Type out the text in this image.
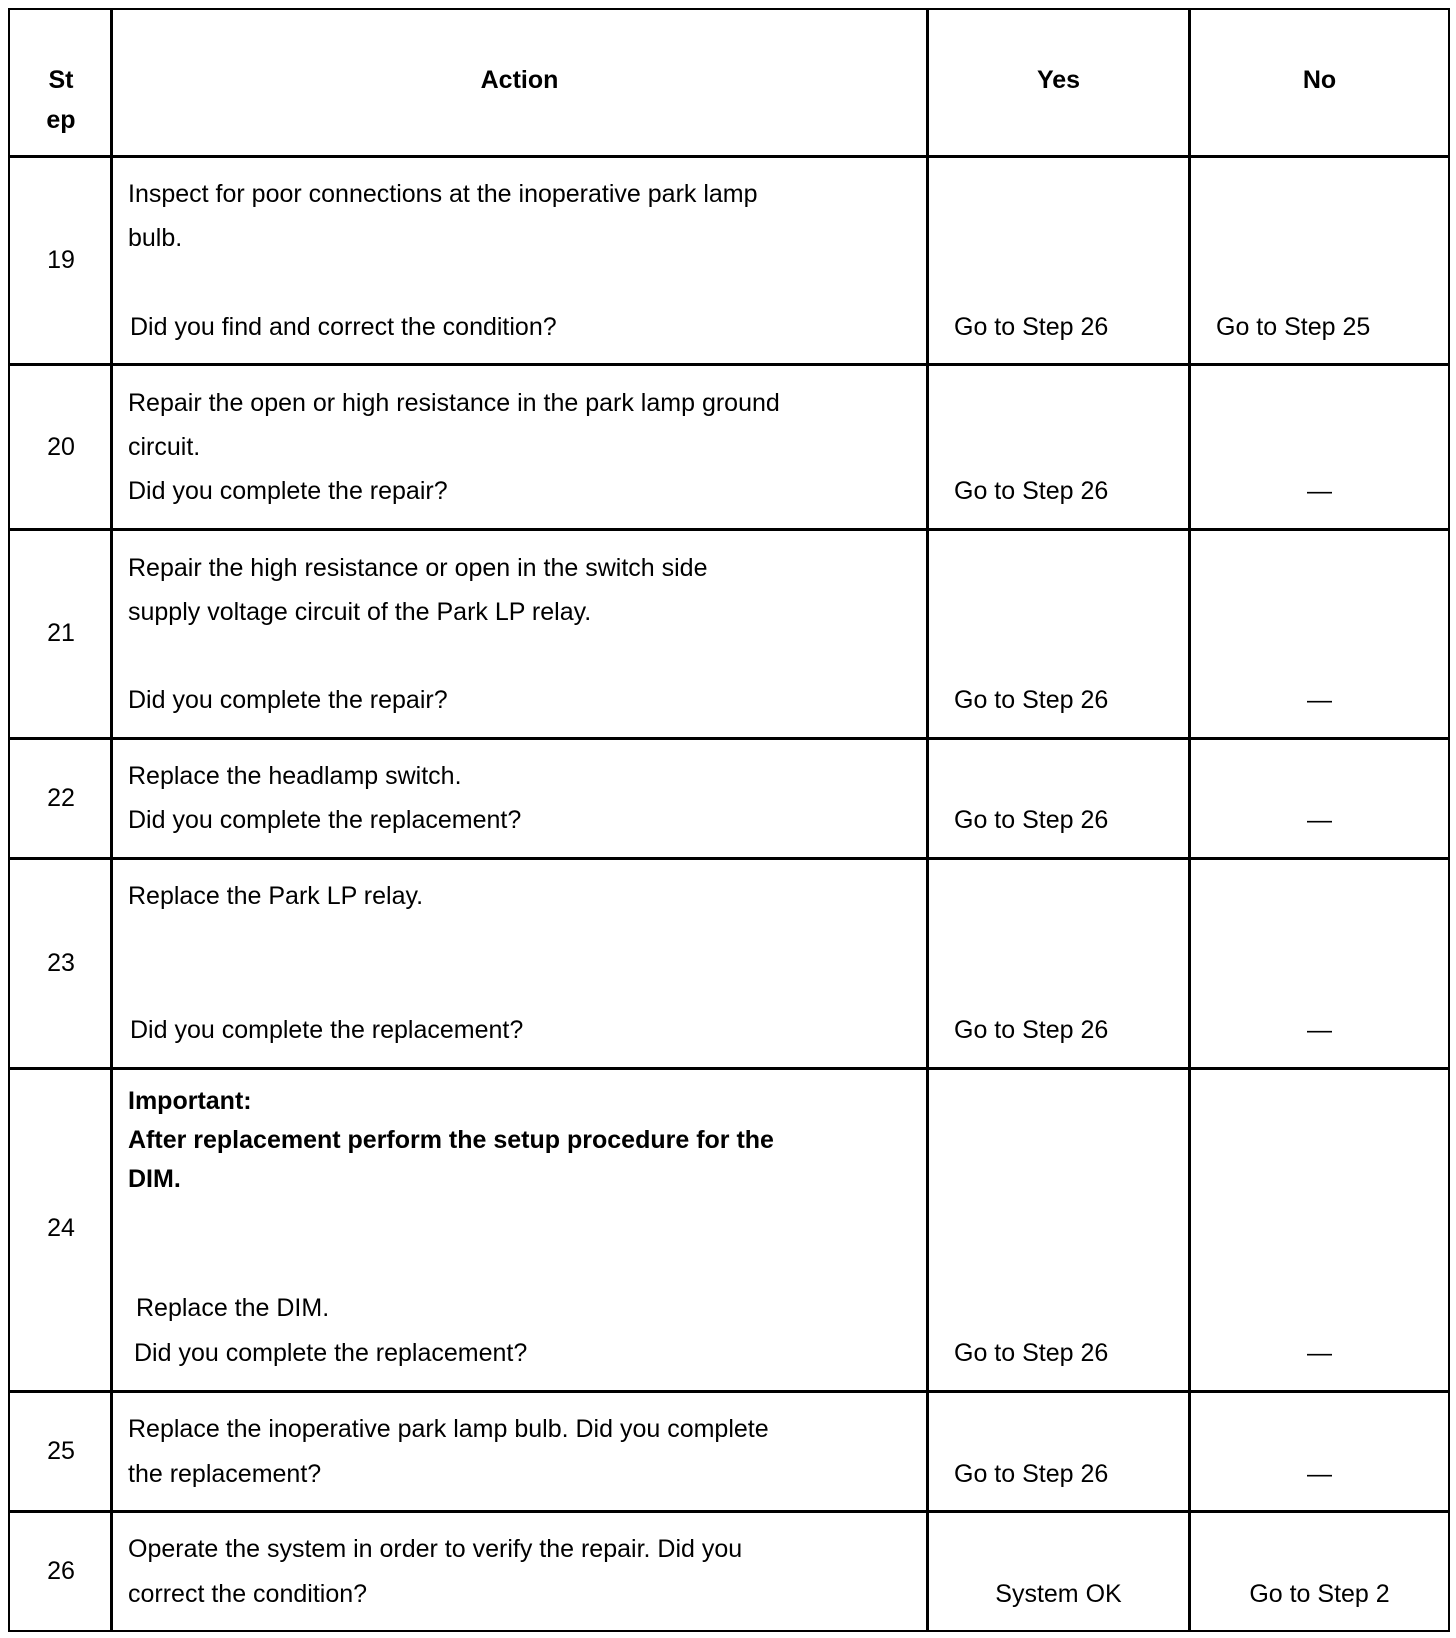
St
ep
Action	Yes	No
19
Inspect for poor connections at the inoperative park lamp
bulb.
Did you find and correct the condition?	Go to Step 26	Go to Step 25
20
Repair the open or high resistance in the park lamp ground
circuit.
Did you complete the repair?	Go to Step 26	—
21
Repair the high resistance or open in the switch side
supply voltage circuit of the Park LP relay.
Did you complete the repair?	Go to Step 26	—
22
Replace the headlamp switch.
Did you complete the replacement?	Go to Step 26	—
23
Replace the Park LP relay.
Did you complete the replacement?	Go to Step 26	—
24
Important:
After replacement perform the setup procedure for the
DIM.
Replace the DIM.
Did you complete the replacement?	Go to Step 26	—
25
Replace the inoperative park lamp bulb. Did you complete
the replacement?	Go to Step 26	—
26
Operate the system in order to verify the repair. Did you
correct the condition?	System OK	Go to Step 2
